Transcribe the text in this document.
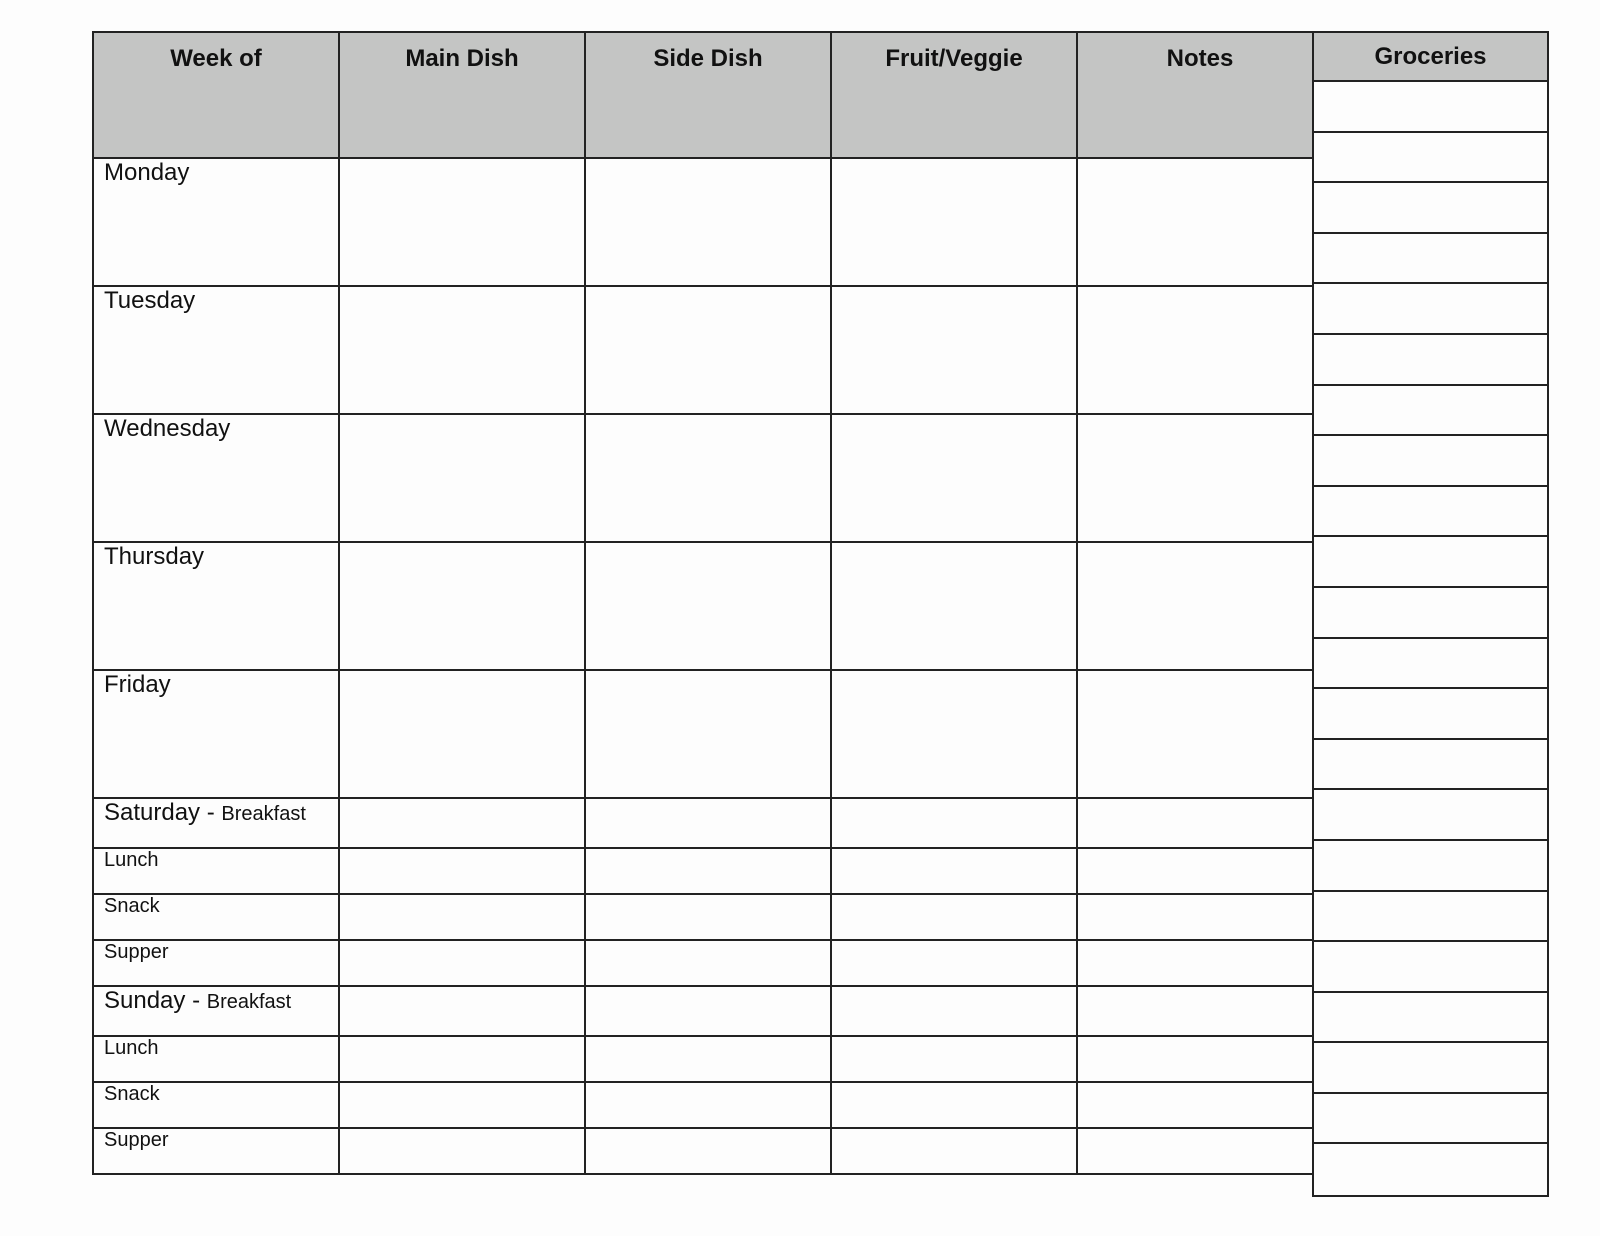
Week of	Main Dish	Side Dish	Fruit/Veggie	Notes
Monday				
Tuesday				
Wednesday				
Thursday				
Friday				
Saturday - Breakfast				
Lunch				
Snack				
Supper				
Sunday - Breakfast				
Lunch				
Snack				
Supper				
Groceries
